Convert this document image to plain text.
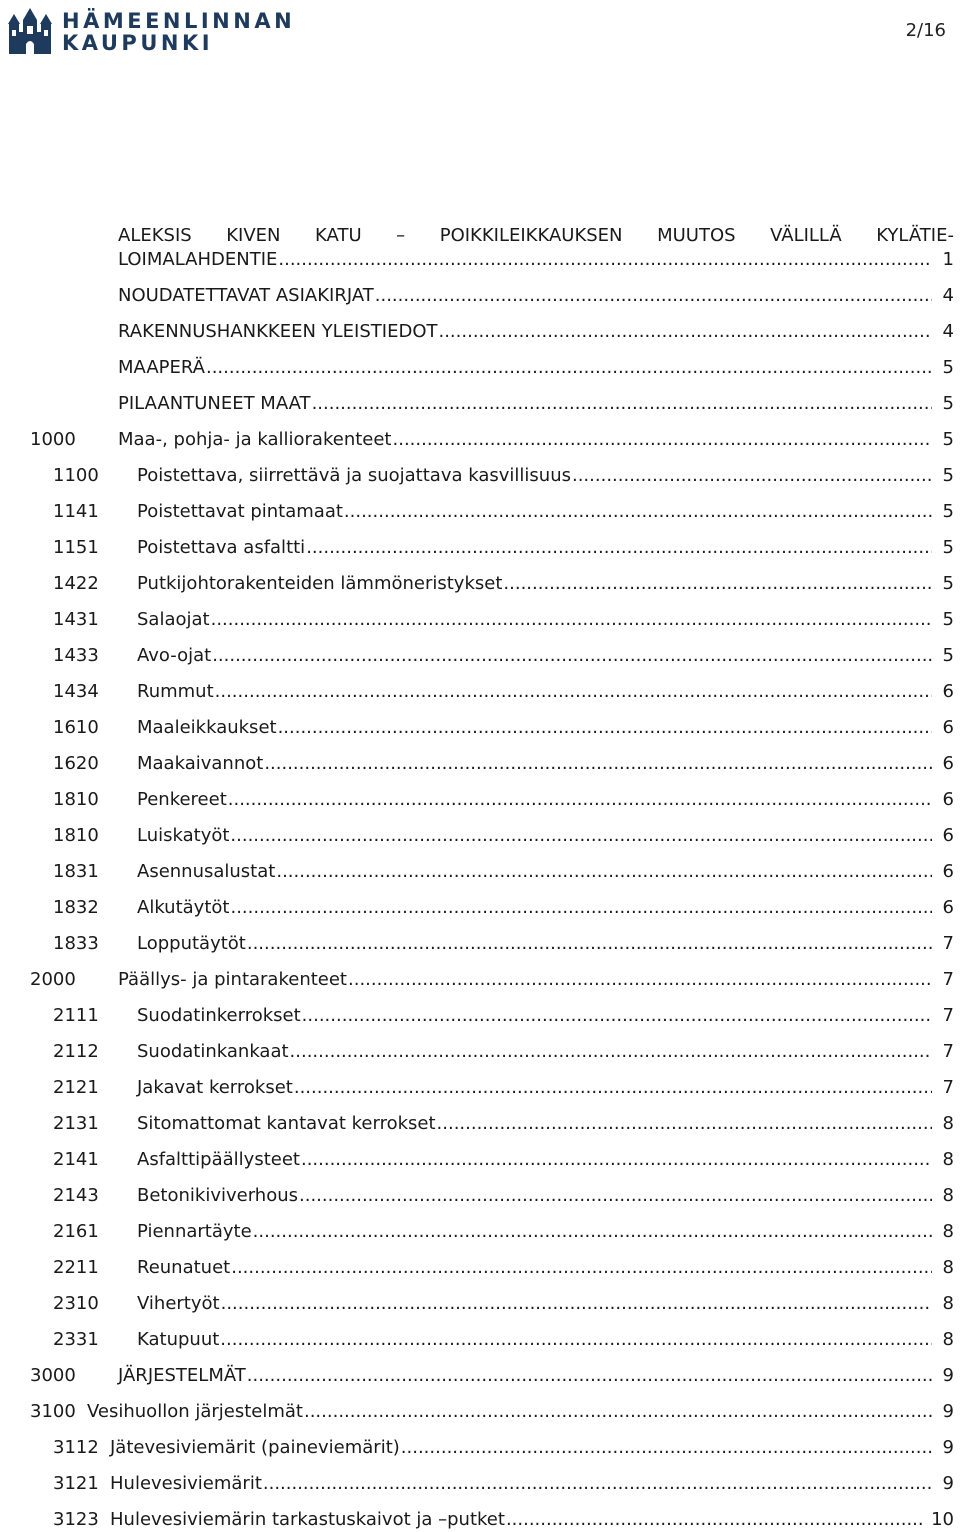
HÄMEENLINNAN
KAUPUNKI
2/16
ALEKSIS KIVEN KATU – POIKKILEIKKAUKSEN MUUTOS VÄLILLÄ KYLÄTIE-
LOIMALAHDENTIE .....	1
NOUDATETTAVAT ASIAKIRJAT .....	4
RAKENNUSHANKKEEN YLEISTIEDOT .....	4
MAAPERÄ .....	5
PILAANTUNEET MAAT .....	5
1000 Maa-, pohja- ja kalliorakenteet .....	5
1100 Poistettava, siirrettävä ja suojattava kasvillisuus .....	5
1141 Poistettavat pintamaat .....	5
1151 Poistettava asfaltti .....	5
1422 Putkijohtorakenteiden lämmöneristykset .....	5
1431 Salaojat .....	5
1433 Avo-ojat .....	5
1434 Rummut .....	6
1610 Maaleikkaukset .....	6
1620 Maakaivannot .....	6
1810 Penkereet .....	6
1810 Luiskatyöt .....	6
1831 Asennusalustat .....	6
1832 Alkutäytöt .....	6
1833 Lopputäytöt .....	7
2000 Päällys- ja pintarakenteet .....	7
2111 Suodatinkerrokset .....	7
2112 Suodatinkankaat .....	7
2121 Jakavat kerrokset .....	7
2131 Sitomattomat kantavat kerrokset .....	8
2141 Asfalttipäällysteet .....	8
2143 Betonikiviverhous .....	8
2161 Piennartäyte .....	8
2211 Reunatuet .....	8
2310 Vihertyöt .....	8
2331 Katupuut .....	8
3000 JÄRJESTELMÄT .....	9
3100 Vesihuollon järjestelmät .....	9
3112 Jätevesiviemärit (paineviemärit) .....	9
3121 Hulevesiviemärit .....	9
3123 Hulevesiviemärin tarkastuskaivot ja –putket .....	10
